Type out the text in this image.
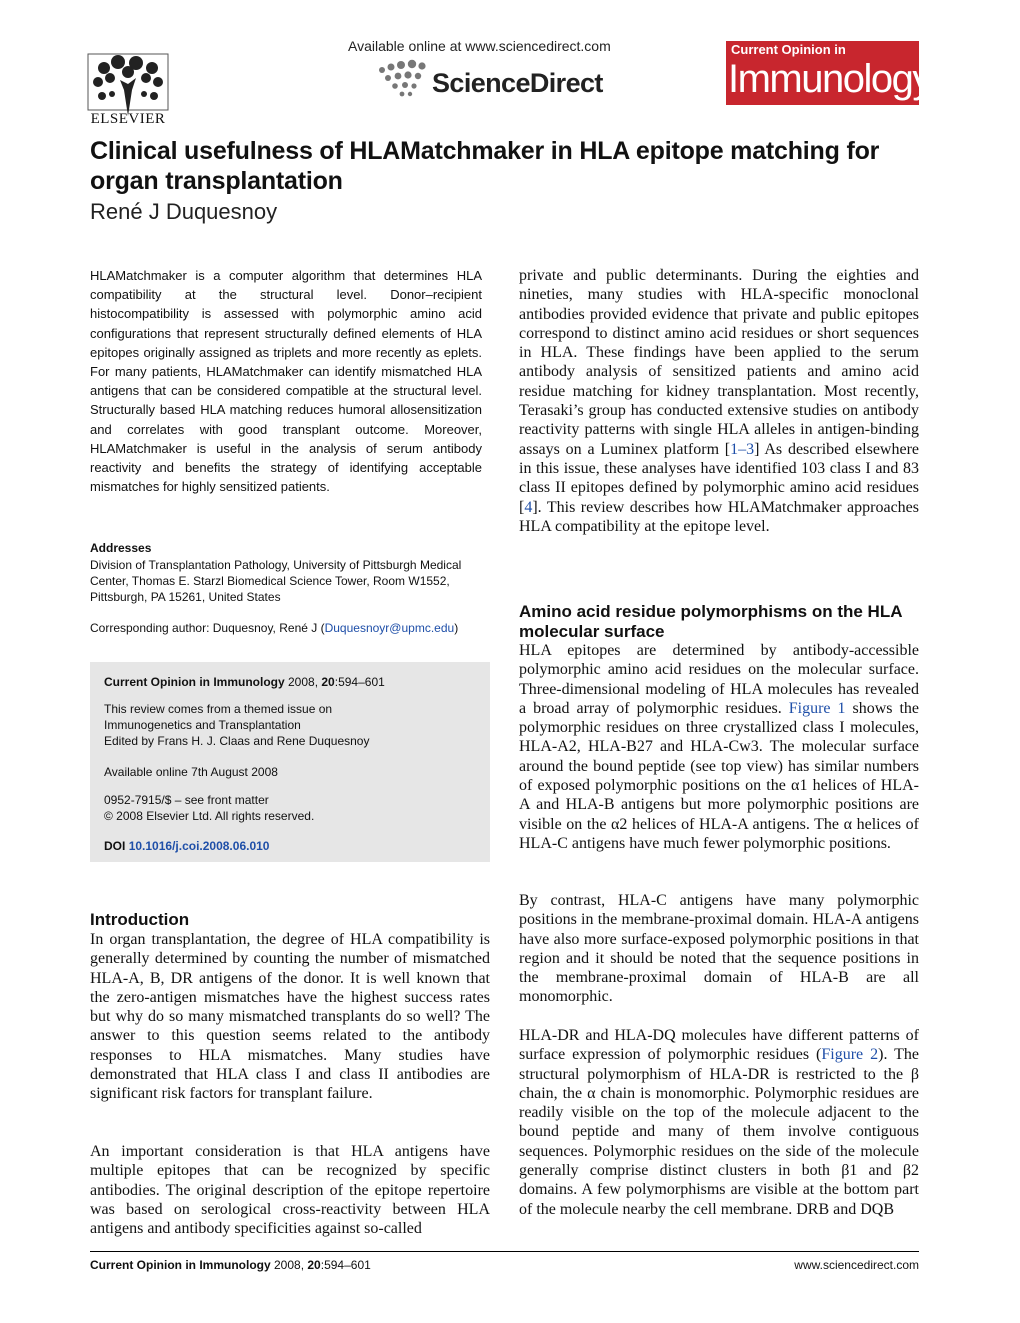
ELSEVIER
Available online at www.sciencedirect.com
ScienceDirect
Current Opinion in
Immunology
Clinical usefulness of HLAMatchmaker in HLA epitope matching for organ transplantation
René J Duquesnoy

HLAMatchmaker is a computer algorithm that determines HLA compatibility at the structural level. Donor–recipient histocompatibility is assessed with polymorphic amino acid configurations that represent structurally defined elements of HLA epitopes originally assigned as triplets and more recently as eplets. For many patients, HLAMatchmaker can identify mismatched HLA antigens that can be considered compatible at the structural level. Structurally based HLA matching reduces humoral allosensitization and correlates with good transplant outcome. Moreover, HLAMatchmaker is useful in the analysis of serum antibody reactivity and benefits the strategy of identifying acceptable mismatches for highly sensitized patients.

Addresses
Division of Transplantation Pathology, University of Pittsburgh Medical Center, Thomas E. Starzl Biomedical Science Tower, Room W1552, Pittsburgh, PA 15261, United States
Corresponding author: Duquesnoy, René J (Duquesnoyr@upmc.edu)
Current Opinion in Immunology 2008, 20:594–601
This review comes from a themed issue on
Immunogenetics and Transplantation
Edited by Frans H. J. Claas and Rene Duquesnoy
Available online 7th August 2008
0952-7915/$ – see front matter
© 2008 Elsevier Ltd. All rights reserved.
DOI 10.1016/j.coi.2008.06.010
Introduction

In organ transplantation, the degree of HLA compatibility is generally determined by counting the number of mismatched HLA-A, B, DR antigens of the donor. It is well known that the zero-antigen mismatches have the highest success rates but why do so many mismatched transplants do so well? The answer to this question seems related to the antibody responses to HLA mismatches. Many studies have demonstrated that HLA class I and class II antibodies are significant risk factors for transplant failure.

An important consideration is that HLA antigens have multiple epitopes that can be recognized by specific antibodies. The original description of the epitope repertoire was based on serological cross-reactivity between HLA antigens and antibody specificities against so-called

private and public determinants. During the eighties and nineties, many studies with HLA-specific monoclonal antibodies provided evidence that private and public epitopes correspond to distinct amino acid residues or short sequences in HLA. These findings have been applied to the serum antibody analysis of sensitized patients and amino acid residue matching for kidney transplantation. Most recently, Terasaki’s group has conducted extensive studies on antibody reactivity patterns with single HLA alleles in antigen-binding assays on a Luminex platform [1–3] As described elsewhere in this issue, these analyses have identified 103 class I and 83 class II epitopes defined by polymorphic amino acid residues [4]. This review describes how HLAMatchmaker approaches HLA compatibility at the epitope level.

Amino acid residue polymorphisms on the HLA molecular surface

HLA epitopes are determined by antibody-accessible polymorphic amino acid residues on the molecular surface. Three-dimensional modeling of HLA molecules has revealed a broad array of polymorphic residues. Figure 1 shows the polymorphic residues on three crystallized class I molecules, HLA-A2, HLA-B27 and HLA-Cw3. The molecular surface around the bound peptide (see top view) has similar numbers of exposed polymorphic positions on the α1 helices of HLA-A and HLA-B antigens but more polymorphic positions are visible on the α2 helices of HLA-A antigens. The α helices of HLA-C antigens have much fewer polymorphic positions.

By contrast, HLA-C antigens have many polymorphic positions in the membrane-proximal domain. HLA-A antigens have also more surface-exposed polymorphic positions in that region and it should be noted that the sequence positions in the membrane-proximal domain of HLA-B are all monomorphic.

HLA-DR and HLA-DQ molecules have different patterns of surface expression of polymorphic residues (Figure 2). The structural polymorphism of HLA-DR is restricted to the β chain, the α chain is monomorphic. Polymorphic residues are readily visible on the top of the molecule adjacent to the bound peptide and many of them involve contiguous sequences. Polymorphic residues on the side of the molecule generally comprise distinct clusters in both β1 and β2 domains. A few polymorphisms are visible at the bottom part of the molecule nearby the cell membrane. DRB and DQB

Current Opinion in Immunology 2008, 20:594–601	www.sciencedirect.com
